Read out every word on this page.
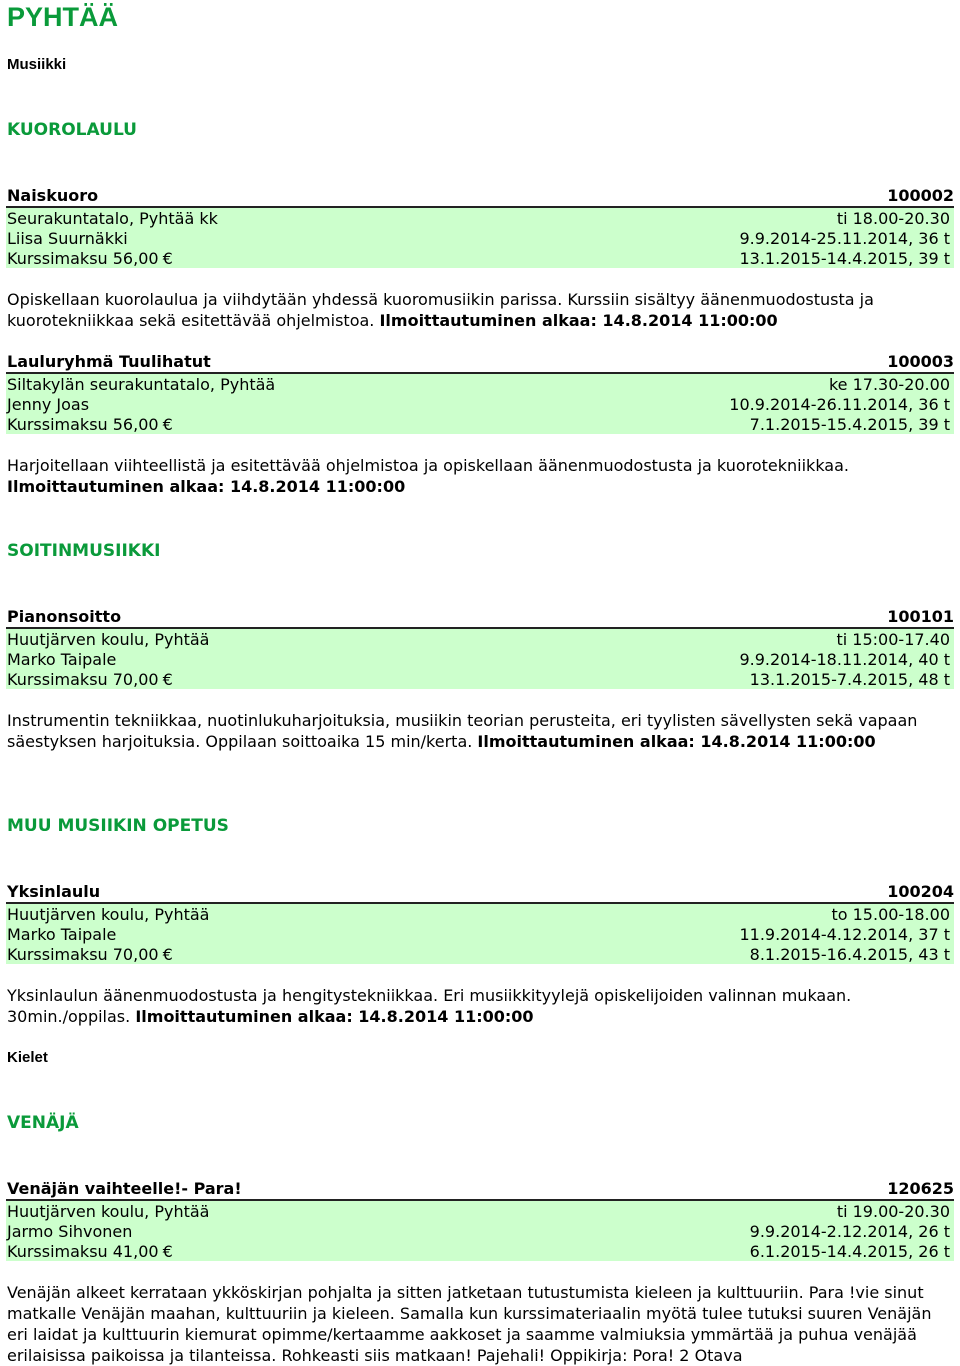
PYHTÄÄ
Musiikki
KUOROLAULU
Naiskuoro	100002
Seurakuntatalo, Pyhtää kk	ti 18.00-20.30
Liisa Suurnäkki	9.9.2014-25.11.2014, 36 t
Kurssimaksu 56,00 €	13.1.2015-14.4.2015, 39 t
Opiskellaan kuorolaulua ja viihdytään yhdessä kuoromusiikin parissa. Kurssiin sisältyy äänenmuodostusta ja kuorotekniikkaa sekä esitettävää ohjelmistoa. Ilmoittautuminen alkaa: 14.8.2014 11:00:00
Lauluryhmä Tuulihatut	100003
Siltakylän seurakuntatalo, Pyhtää	ke 17.30-20.00
Jenny Joas	10.9.2014-26.11.2014, 36 t
Kurssimaksu 56,00 €	7.1.2015-15.4.2015, 39 t
Harjoitellaan viihteellistä ja esitettävää ohjelmistoa ja opiskellaan äänenmuodostusta ja kuorotekniikkaa.
Ilmoittautuminen alkaa: 14.8.2014 11:00:00
SOITINMUSIIKKI
Pianonsoitto	100101
Huutjärven koulu, Pyhtää	ti 15:00-17.40
Marko Taipale	9.9.2014-18.11.2014, 40 t
Kurssimaksu 70,00 €	13.1.2015-7.4.2015, 48 t
Instrumentin tekniikkaa, nuotinlukuharjoituksia, musiikin teorian perusteita, eri tyylisten sävellysten sekä vapaan säestyksen harjoituksia. Oppilaan soittoaika 15 min/kerta. Ilmoittautuminen alkaa: 14.8.2014 11:00:00
MUU MUSIIKIN OPETUS
Yksinlaulu	100204
Huutjärven koulu, Pyhtää	to 15.00-18.00
Marko Taipale	11.9.2014-4.12.2014, 37 t
Kurssimaksu 70,00 €	8.1.2015-16.4.2015, 43 t
Yksinlaulun äänenmuodostusta ja hengitystekniikkaa. Eri musiikkityylejä opiskelijoiden valinnan mukaan. 30min./oppilas. Ilmoittautuminen alkaa: 14.8.2014 11:00:00
Kielet
VENÄJÄ
Venäjän vaihteelle!- Para!	120625
Huutjärven koulu, Pyhtää	ti 19.00-20.30
Jarmo Sihvonen	9.9.2014-2.12.2014, 26 t
Kurssimaksu 41,00 €	6.1.2015-14.4.2015, 26 t
Venäjän alkeet kerrataan ykköskirjan pohjalta ja sitten jatketaan tutustumista kieleen ja kulttuuriin. Para !vie sinut matkalle Venäjän maahan, kulttuuriin ja kieleen. Samalla kun kurssimateriaalin myötä tulee tutuksi suuren Venäjän eri laidat ja kulttuurin kiemurat opimme/kertaamme aakkoset ja saamme valmiuksia ymmärtää ja puhua venäjää erilaisissa paikoissa ja tilanteissa. Rohkeasti siis matkaan! Pajehali! Oppikirja: Pora! 2 Otava
